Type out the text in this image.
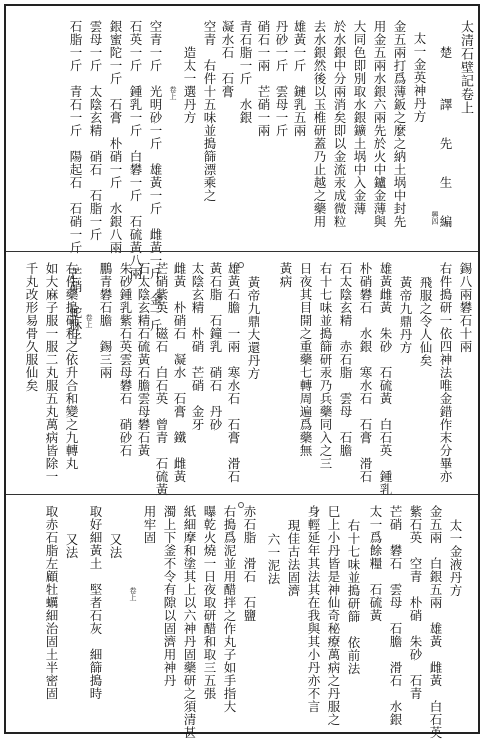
太清石壁記卷上
楚　　　譯　　先　　生　　編
興四
太一金英神丹方
金五兩打爲薄鈑之麼之納土埚中封先
用金五兩水銀六兩先於火中鑪金薄與
大同色即別取水銀鑛土埚中入金薄
於水銀中分兩消矣即以金流汞成微粒
去水銀然後以玉椎研蓋乃止越之藥用
雄黃一斤　鏈乳五兩
丹砂一斤　雲母一斤
硝石一兩　芒硝一兩
青石脂一斤　水銀
凝水石　石膏
空青　右件十五味並搗篩漂乘之
造太一選丹方
卷上
空青一斤　光明砂一斤　雄黃一斤　雌黃一斤　金一斤
石英一斤　鍾乳一斤　白礬一斤　石硫黃八兩
銀蜜陀一斤　石膏　朴硝一斤　水銀八兩
雲母一斤　太陰玄精　硝石　石脂一斤
石脂一斤　青石一斤　陽起石　石硝一斤　芒硝　蛇牀子	錫八兩礬石十兩
右件搗研一依四神法唯金錯作末分畢亦
飛服之令人仙矣
黃帝九鼎丹方
雄黃雌黃　朱砂　石硫黃　白石英　鍾乳
朴硝礬石　水銀　寒水石　石膏　滑石
石太陰玄精　赤石脂　雲母　石膽
右十七味並搗篩研汞乃兵藥同入之三
日夜其目開之重藥七轉周遍爲藥無
黃病
黃帝九鼎大還丹方
雄黃石膽　一兩　寒水石　石膏　滑石
黃石脂　石鐘乳　硝石　丹砂
太陰玄精　朴硝　芒硝　金牙
雌黃　朴硝石　凝水　石膏　鐵　雌黃
芒硝紫英　磁石　白石英　曾青　石硫黃
石太陰玄精石硫黃石膽雲母礬石黃
朱砂鍾乳紫石英雲母礬石　硝砂石
鵬青礬石膽　錫三兩
卷上
右件藥搗研和之依升合和變之九轉丸
如大麻子服一服二丸服五丸萬病皆除一
千丸改形易骨久服仙矣
太一金液丹方
金五兩　白銀五兩　雄黃　雌黃　白石英
紫石英　空青　朴硝　朱砂　石青
芒硝　礬石　雲母　石膽　滑石　水銀
太一爲餘糧　石硫黃
右十七味並搗研篩　依前法
巳上小丹皆是神仙奇秘療萬病之丹服之
身輕延年其法其在我與其小丹亦不言
現佳古法固濟
六一泥法
赤石脂　滑石　石鹽
右搗爲泥並用醋拌之作丸子如手指大
曝乾火燒一日夜取研醋和取三五張
紙細摩和塗其上以六神丹固藥研之須清甚
濁上下釜不令有隙以固濟用神丹
用牢固
卷上
又法
取好細黃土　堅者石灰　細篩搗時
又法
取赤石脂左顧牡蠣細治固土半密固
